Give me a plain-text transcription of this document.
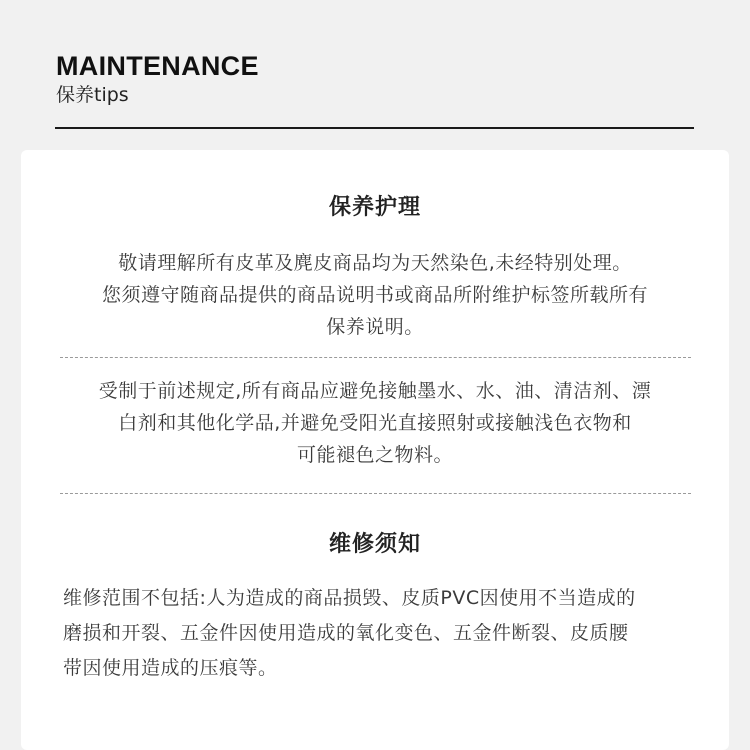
MAINTENANCE
保养tips
保养护理
敬请理解所有皮革及麂皮商品均为天然染色,未经特别处理。
您须遵守随商品提供的商品说明书或商品所附维护标签所载所有
保养说明。
受制于前述规定,所有商品应避免接触墨水、水、油、清洁剂、漂
白剂和其他化学品,并避免受阳光直接照射或接触浅色衣物和
可能褪色之物料。
维修须知
维修范围不包括:人为造成的商品损毁、皮质PVC因使用不当造成的
磨损和开裂、五金件因使用造成的氧化变色、五金件断裂、皮质腰
带因使用造成的压痕等。
